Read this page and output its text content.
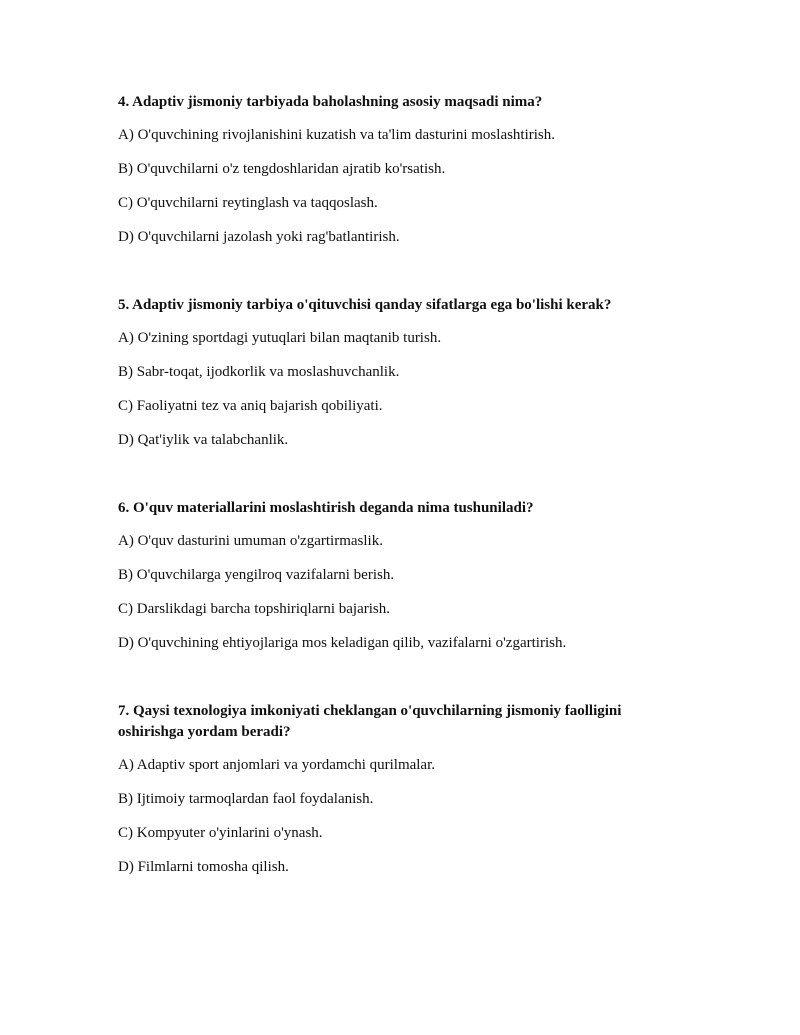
4. Adaptiv jismoniy tarbiyada baholashning asosiy maqsadi nima?
A) O'quvchining rivojlanishini kuzatish va ta'lim dasturini moslashtirish.
B) O'quvchilarni o'z tengdoshlaridan ajratib ko'rsatish.
C) O'quvchilarni reytinglash va taqqoslash.
D) O'quvchilarni jazolash yoki rag'batlantirish.
5. Adaptiv jismoniy tarbiya o'qituvchisi qanday sifatlarga ega bo'lishi kerak?
A) O'zining sportdagi yutuqlari bilan maqtanib turish.
B) Sabr-toqat, ijodkorlik va moslashuvchanlik.
C) Faoliyatni tez va aniq bajarish qobiliyati.
D) Qat'iylik va talabchanlik.
6. O'quv materiallarini moslashtirish deganda nima tushuniladi?
A) O'quv dasturini umuman o'zgartirmaslik.
B) O'quvchilarga yengilroq vazifalarni berish.
C) Darslikdagi barcha topshiriqlarni bajarish.
D) O'quvchining ehtiyojlariga mos keladigan qilib, vazifalarni o'zgartirish.
7. Qaysi texnologiya imkoniyati cheklangan o'quvchilarning jismoniy faolligini oshirishga yordam beradi?
A) Adaptiv sport anjomlari va yordamchi qurilmalar.
B) Ijtimoiy tarmoqlardan faol foydalanish.
C) Kompyuter o'yinlarini o'ynash.
D) Filmlarni tomosha qilish.
